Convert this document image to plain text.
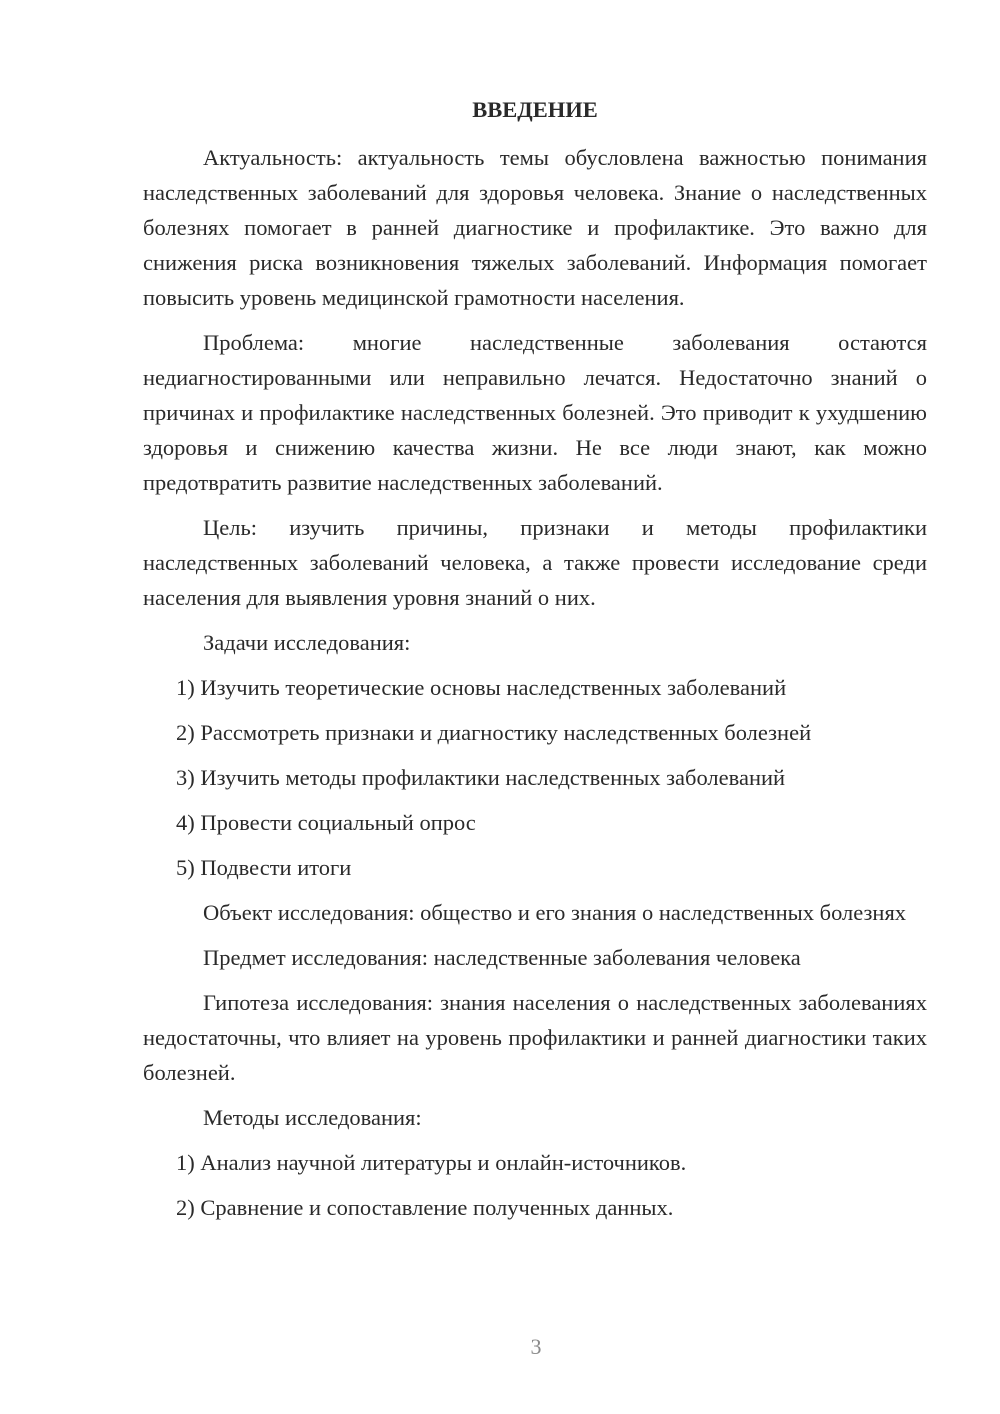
ВВЕДЕНИЕ

Актуальность: актуальность темы обусловлена важностью понимания наследственных заболеваний для здоровья человека. Знание о наследственных болезнях помогает в ранней диагностике и профилактике. Это важно для снижения риска возникновения тяжелых заболеваний. Информация помогает повысить уровень медицинской грамотности населения.

Проблема: многие наследственные заболевания остаются недиагностированными или неправильно лечатся. Недостаточно знаний о причинах и профилактике наследственных болезней. Это приводит к ухудшению здоровья и снижению качества жизни. Не все люди знают, как можно предотвратить развитие наследственных заболеваний.

Цель: изучить причины, признаки и методы профилактики наследственных заболеваний человека, а также провести исследование среди населения для выявления уровня знаний о них.

Задачи исследования:

1) Изучить теоретические основы наследственных заболеваний
2) Рассмотреть признаки и диагностику наследственных болезней
3) Изучить методы профилактики наследственных заболеваний
4) Провести социальный опрос
5) Подвести итоги

Объект исследования: общество и его знания о наследственных болезнях

Предмет исследования: наследственные заболевания человека

Гипотеза исследования: знания населения о наследственных заболеваниях недостаточны, что влияет на уровень профилактики и ранней диагностики таких болезней.

Методы исследования:

1) Анализ научной литературы и онлайн-источников.
2) Сравнение и сопоставление полученных данных.
3
